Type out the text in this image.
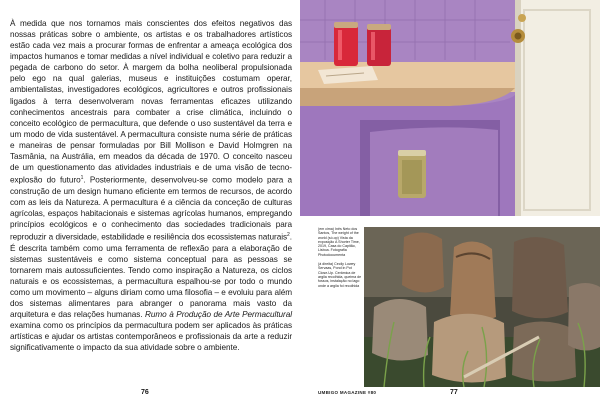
À medida que nos tornamos mais conscientes dos efeitos negativos das nossas práticas sobre o ambiente, os artistas e os trabalhadores artísticos estão cada vez mais a procurar formas de enfrentar a ameaça ecológica dos impactos humanos e tomar medidas a nível individual e coletivo para reduzir a pegada de carbono do setor. À margem da bolha neoliberal propulsionada pelo ego na qual galerias, museus e instituições costumam operar, ambientalistas, investigadores ecológicos, agricultores e outros profissionais ligados à terra desenvolveram novas ferramentas eficazes utilizando conhecimentos ancestrais para combater a crise climática, incluindo o conceito ecológico de permacultura, que defende o uso sustentável da terra e um modo de vida sustentável. A permacultura consiste numa série de práticas e maneiras de pensar formuladas por Bill Mollison e David Holmgren na Tasmânia, na Austrália, em meados da década de 1970. O conceito nasceu de um questionamento das atividades industriais e de uma visão de tecno-explosão do futuro$^1$. Posteriormente, desenvolveu-se como modelo para a construção de um design humano eficiente em termos de recursos, de acordo com as leis da Natureza. A permacultura é a ciência da conceção de culturas agrícolas, espaços habitacionais e sistemas agrícolas humanos, empregando princípios ecológicos e o conhecimento das sociedades tradicionais para reproduzir a diversidade, estabilidade e resiliência dos ecossistemas naturais$^2$. É descrita também como uma ferramenta de reflexão para a elaboração de sistemas sustentáveis e como sistema conceptual para as pessoas se tornarem mais autossuficientes. Tendo como inspiração a Natureza, os ciclos naturais e os ecossistemas, a permacultura espalhou-se por todo o mundo como um movimento – alguns diriam como uma filosofia – e evoluiu para além dos sistemas alimentares para abranger o panorama mais vasto da arquitetura e das relações humanas. Rumo à Produção de Arte Permacultural examina como os princípios da permacultura podem ser aplicados às práticas artísticas e ajudar os artistas contemporâneos e profissionais da arte a reduzir significativamente o impacto da sua atividade sobre o ambiente.

76

(em cima) Inês Neto dos Santos, The weight of the world (só.op) Vista da exposição A Shorter Time, 2019, Casa do Capitão, Lisboa. Fotografia Photodocumenta

(à direita) Cecily Lowey Servaas, Pond in Pot Close-Up. Cerâmica de argila recolhida, queima de fossos, instalação no lago onde a argila foi recolhida

UMBIGO MAGAZINE #80	77
